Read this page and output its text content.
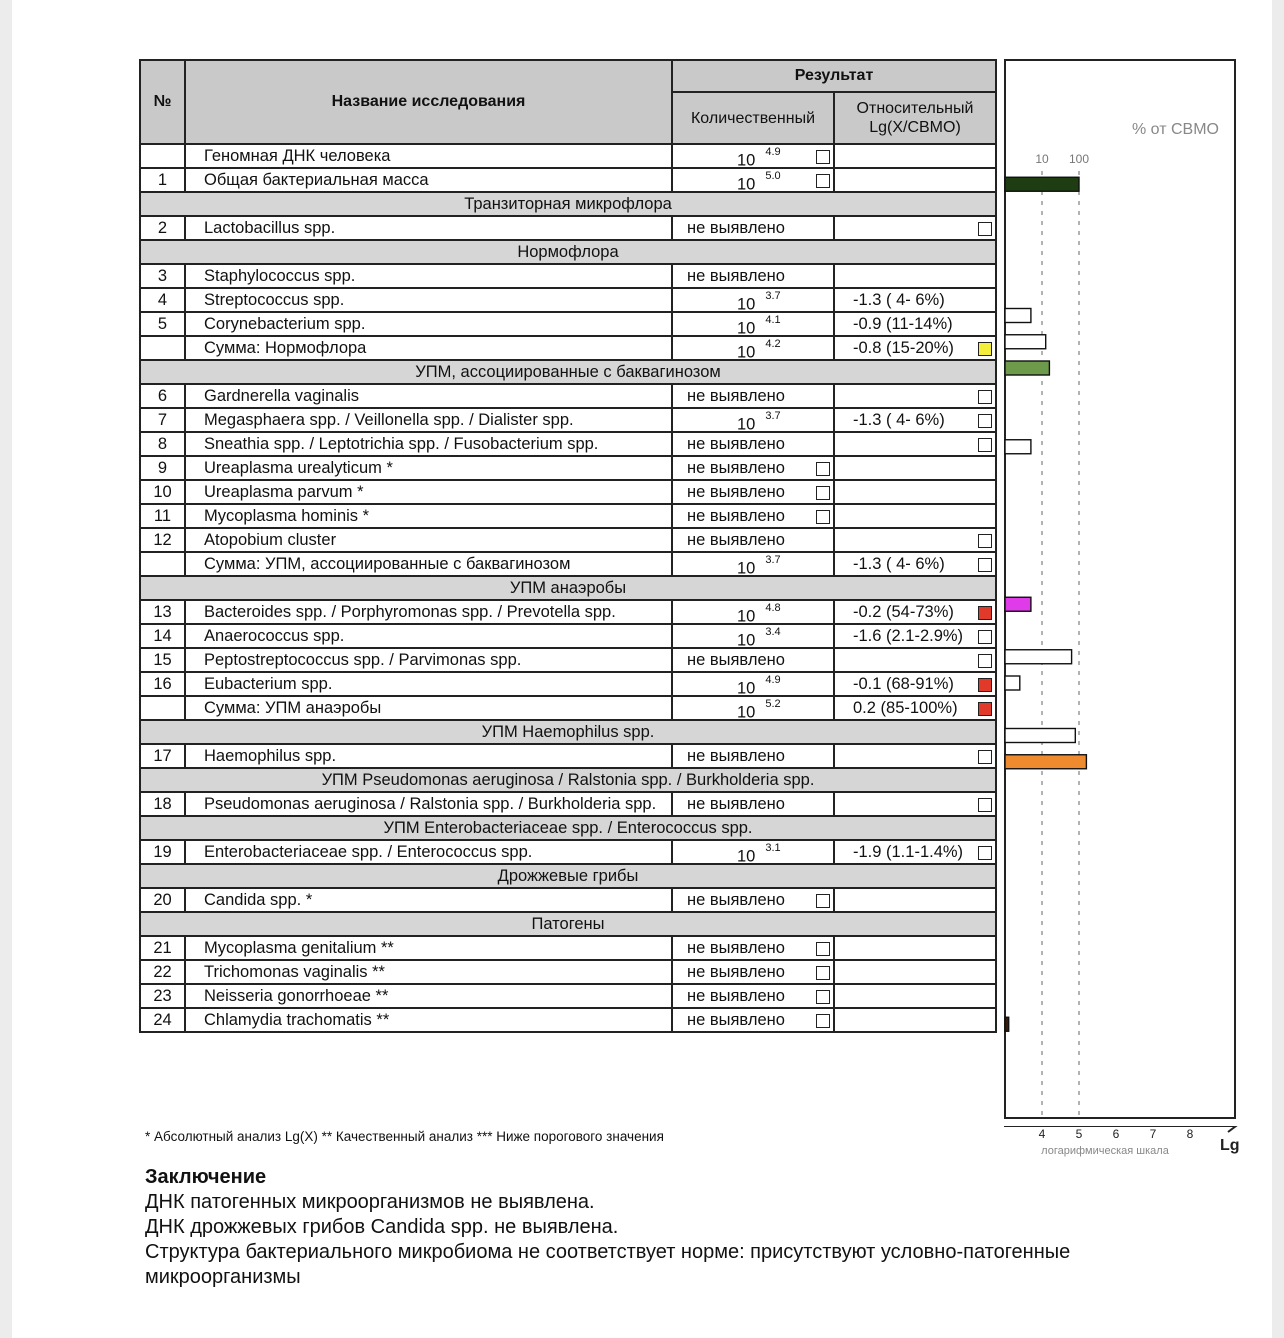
№	Название исследования	Результат	
		Количественный	Относительный
Lg(X/СВМО)

	Геномная ДНК человека	10 $^{4.9}$

1	Общая бактериальная масса	10 $^{5.0}$

Транзиторная микрофлора			
2	Lactobacillus spp.	не выявлено	

Нормофлора			
3	Staphylococcus spp.	не выявлено	
4	Streptococcus spp.	10 $^{3.7}$	-1.3 ( 4- 6%)
5	Corynebacterium spp.	10 $^{4.1}$	-0.9 (11-14%)
	Сумма: Нормофлора	10 $^{4.2}$	-0.8 (15-20%)

УПМ, ассоциированные с баквагинозом			
6	Gardnerella vaginalis	не выявлено	

7	Megasphaera spp. / Veillonella spp. / Dialister spp.	10 $^{3.7}$	-1.3 ( 4- 6%)

8	Sneathia spp. / Leptotrichia spp. / Fusobacterium spp.	не выявлено	

9	Ureaplasma urealyticum *	не выявлено

10	Ureaplasma parvum *	не выявлено

11	Mycoplasma hominis *	не выявлено

12	Atopobium cluster	не выявлено	

	Сумма: УПМ, ассоциированные с баквагинозом	10 $^{3.7}$	-1.3 ( 4- 6%)

УПМ анаэробы			
13	Bacteroides spp. / Porphyromonas spp. / Prevotella spp.	10 $^{4.8}$	-0.2 (54-73%)

14	Anaerococcus spp.	10 $^{3.4}$	-1.6 (2.1-2.9%)

15	Peptostreptococcus spp. / Parvimonas spp.	не выявлено	

16	Eubacterium spp.	10 $^{4.9}$	-0.1 (68-91%)

	Сумма: УПМ анаэробы	10 $^{5.2}$	0.2 (85-100%)

УПМ Haemophilus spp.			
17	Haemophilus spp.	не выявлено	

УПМ Pseudomonas aeruginosa / Ralstonia spp. / Burkholderia spp.			
18	Pseudomonas aeruginosa / Ralstonia spp. / Burkholderia spp.	не выявлено	

УПМ Enterobacteriaceae spp. / Enterococcus spp.			
19	Enterobacteriaceae spp. / Enterococcus spp.	10 $^{3.1}$	-1.9 (1.1-1.4%)

Дрожжевые грибы			
20	Candida spp. *	не выявлено

Патогены			
21	Mycoplasma genitalium **	не выявлено

22	Trichomonas vaginalis **	не выявлено

23	Neisseria gonorrhoeae **	не выявлено

24	Chlamydia trachomatis **	не выявлено

% от СВМО
10 100
4	5	6	7	8
логарифмическая шкала	Lg
* Абсолютный анализ Lg(X) ** Качественный анализ *** Ниже порогового значения
Заключение
ДНК патогенных микроорганизмов не выявлена.
ДНК дрожжевых грибов Candida spp. не выявлена.
Структура бактериального микробиома не соответствует норме: присутствуют условно-патогенные микроорганизмы
